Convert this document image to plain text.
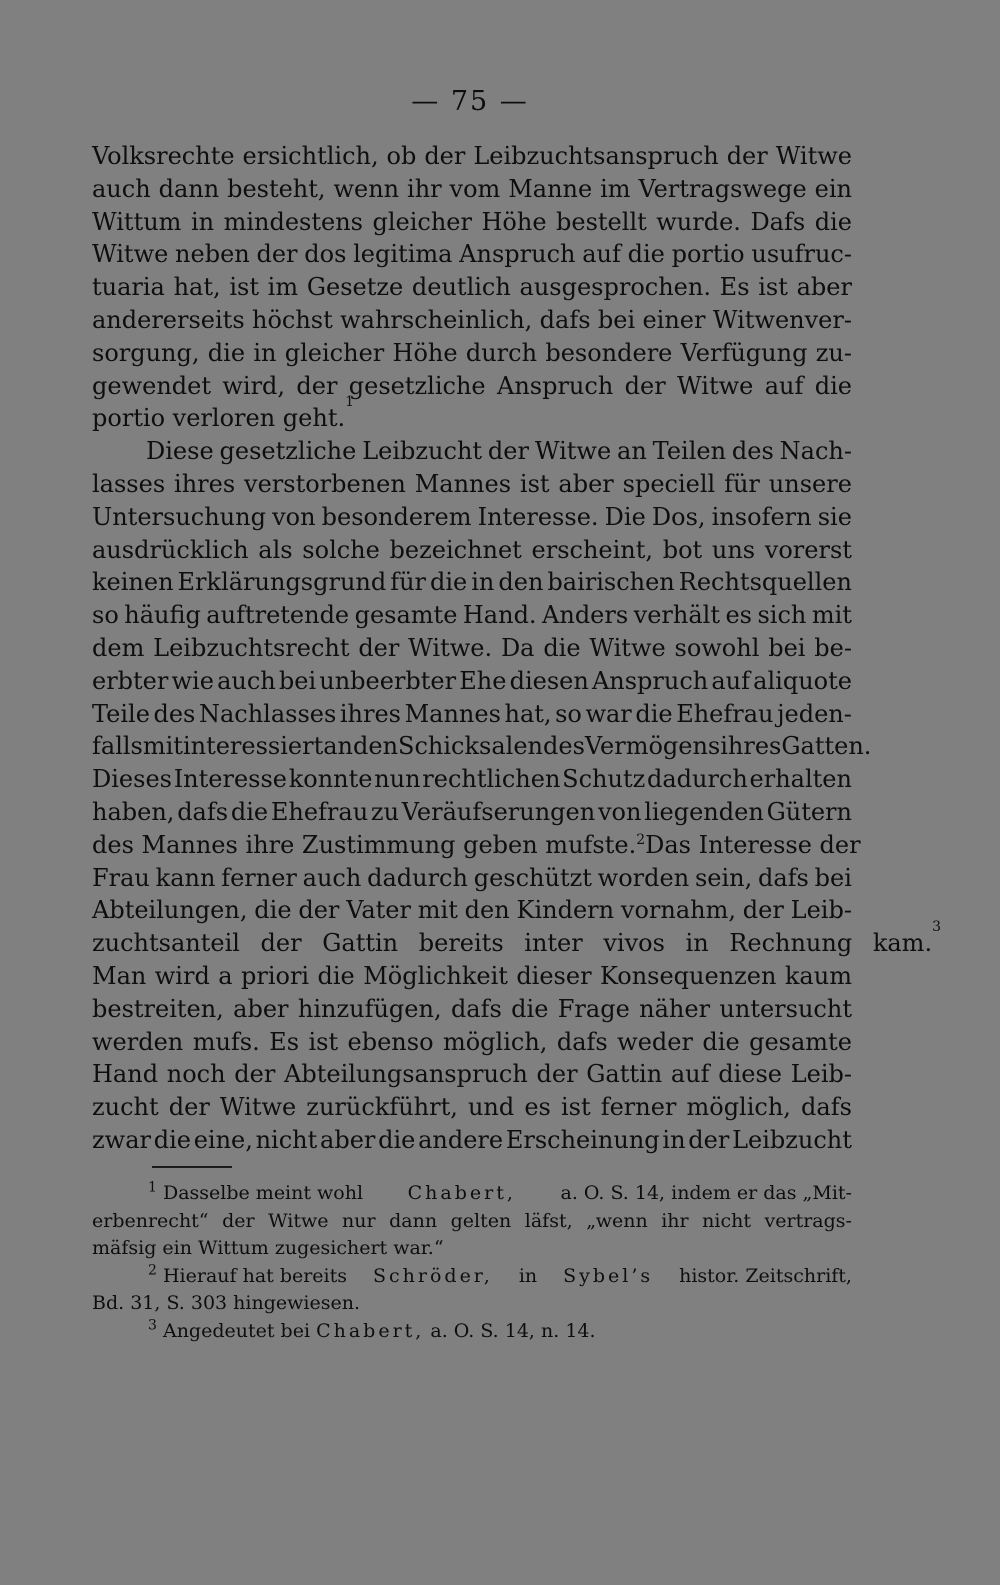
— 75 —
Volksrechte ersichtlich, ob der Leibzuchtsanspruch der Witwe
auch dann besteht, wenn ihr vom Manne im Vertragswege ein
Wittum in mindestens gleicher Höhe bestellt wurde. Dafs die
Witwe neben der dos legitima Anspruch auf die portio usufruc-
tuaria hat, ist im Gesetze deutlich ausgesprochen. Es ist aber
andererseits höchst wahrscheinlich, dafs bei einer Witwenver-
sorgung, die in gleicher Höhe durch besondere Verfügung zu-
gewendet wird, der gesetzliche Anspruch der Witwe auf die
portio verloren geht.
1
Diese gesetzliche Leibzucht der Witwe an Teilen des Nach-
lasses ihres verstorbenen Mannes ist aber speciell für unsere
Untersuchung von besonderem Interesse. Die Dos, insofern sie
ausdrücklich als solche bezeichnet erscheint, bot uns vorerst
keinen Erklärungsgrund für die in den bairischen Rechtsquellen
so häufig auftretende gesamte Hand. Anders verhält es sich mit
dem Leibzuchtsrecht der Witwe. Da die Witwe sowohl bei be-
erbter wie auch bei unbeerbter Ehe diesen Anspruch auf aliquote
Teile des Nachlasses ihres Mannes hat, so war die Ehefrau jeden-
falls mitinteressiert an den Schicksalen des Vermögens ihres Gatten.
Dieses Interesse konnte nun rechtlichen Schutz dadurch erhalten
haben, dafs die Ehefrau zu Veräufserungen von liegenden Gütern
des Mannes ihre Zustimmung geben mufste.$^2$ Das Interesse der
Frau kann ferner auch dadurch geschützt worden sein, dafs bei
Abteilungen, die der Vater mit den Kindern vornahm, der Leib-
zuchtsanteil der Gattin bereits inter vivos in Rechnung kam.
3
Man wird a priori die Möglichkeit dieser Konsequenzen kaum
bestreiten, aber hinzufügen, dafs die Frage näher untersucht
werden mufs. Es ist ebenso möglich, dafs weder die gesamte
Hand noch der Abteilungsanspruch der Gattin auf diese Leib-
zucht der Witwe zurückführt, und es ist ferner möglich, dafs
zwar die eine, nicht aber die andere Erscheinung in der Leibzucht
$^1$ Dasselbe meint wohl Chabert, a. O. S. 14, indem er das „Mit-
erbenrecht“ der Witwe nur dann gelten läfst, „wenn ihr nicht vertrags-
mäfsig ein Wittum zugesichert war.“
$^2$ Hierauf hat bereits Schröder, in Sybel’s histor. Zeitschrift,
Bd. 31, S. 303 hingewiesen.
$^3$ Angedeutet bei Chabert, a. O. S. 14, n. 14.
